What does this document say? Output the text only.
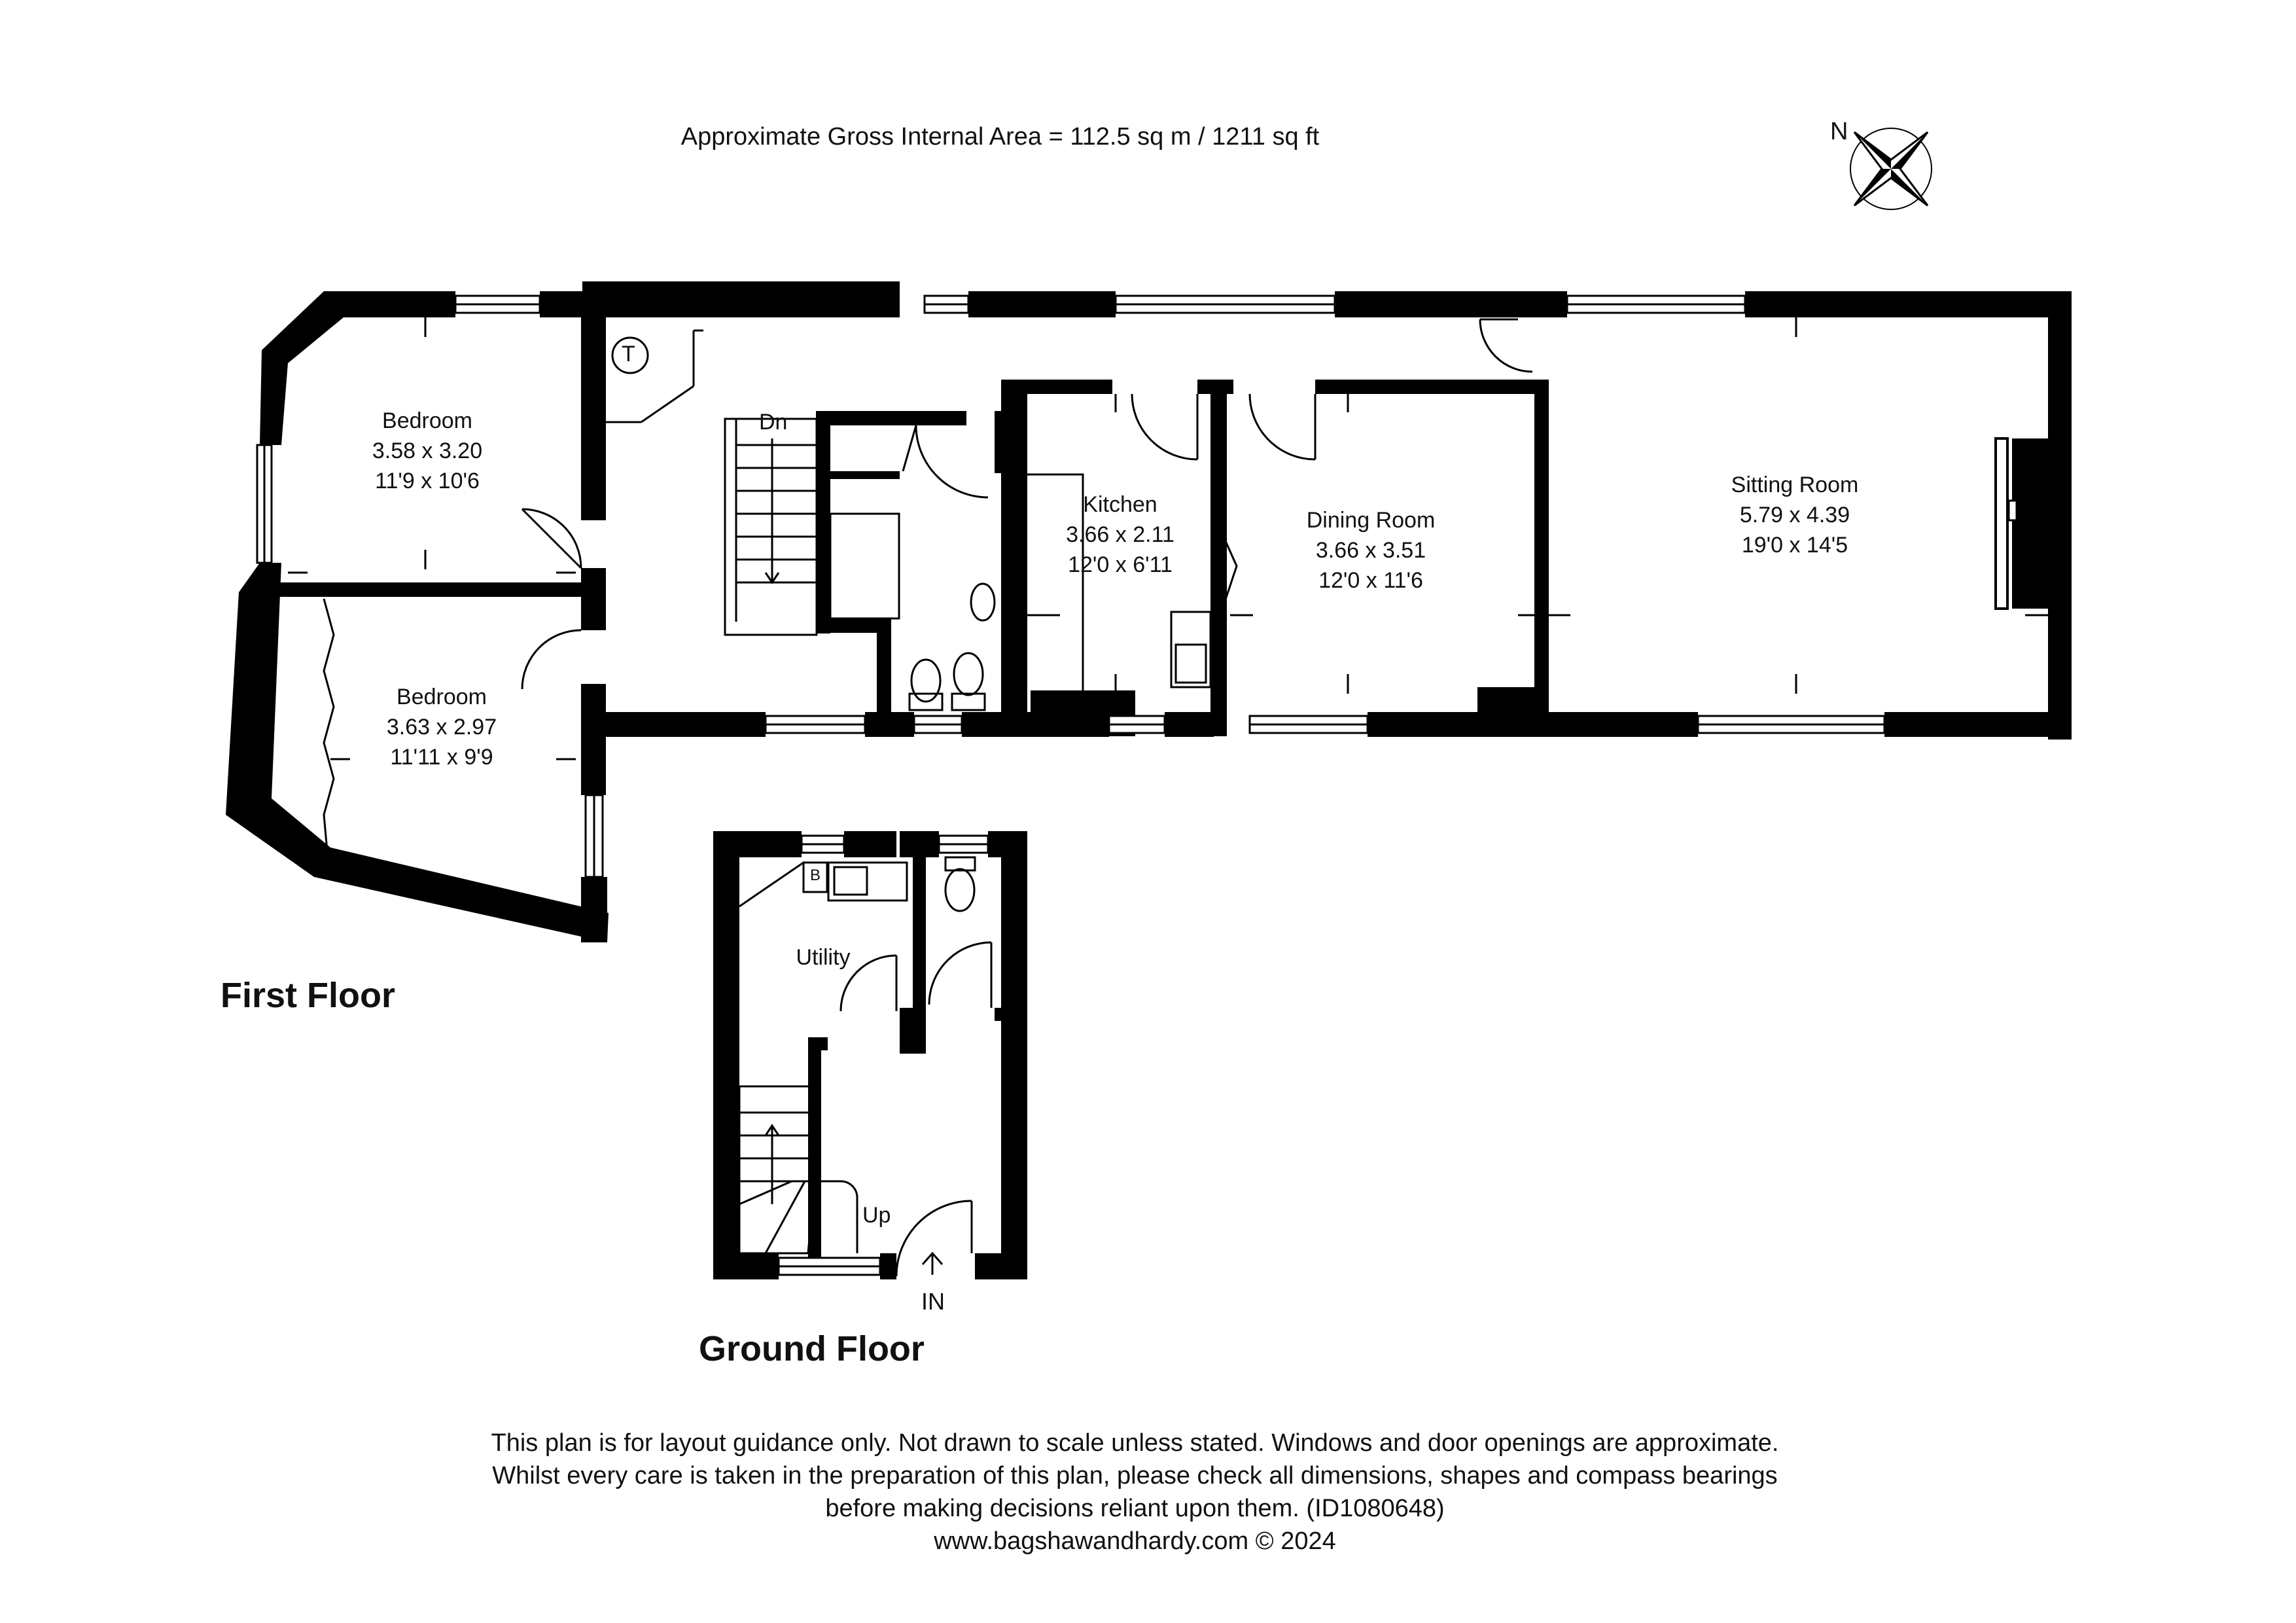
Approximate Gross Internal Area = 112.5 sq m / 1211 sq ft	N
Bedroom
3.58 x 3.20
11'9 x 10'6
Bedroom
3.63 x 2.97
11'11 x 9'9
Kitchen
3.66 x 2.11
12'0 x 6'11
Dining Room
3.66 x 3.51
12'0 x 11'6
Sitting Room
5.79 x 4.39
19'0 x 14'5
Utility
T
Dn
Up
B
IN
First Floor
Ground Floor
This plan is for layout guidance only. Not drawn to scale unless stated. Windows and door openings are approximate.
Whilst every care is taken in the preparation of this plan, please check all dimensions, shapes and compass bearings
before making decisions reliant upon them. (ID1080648)
www.bagshawandhardy.com © 2024
